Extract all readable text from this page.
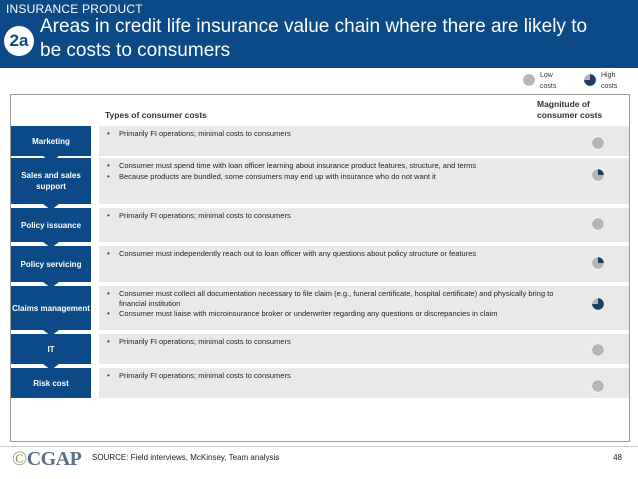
INSURANCE PRODUCT
2a
Areas in credit life insurance value chain where there are likely to be costs to consumers
Low costs
High costs
Types of consumer costs
Magnitude of consumer costs
Marketing
• Primarily FI operations; minimal costs to consumers
Sales and sales support
• Consumer must spend time with loan officer learning about insurance product features, structure, and terms
• Because products are bundled, some consumers may end up with insurance who do not want it
Policy issuance
• Primarily FI operations; minimal costs to consumers
Policy servicing
• Consumer must independently reach out to loan officer with any questions about policy structure or features
Claims management
• Consumer must collect all documentation necessary to file claim (e.g., funeral certificate, hospital certificate) and physically bring to financial institution
• Consumer must liaise with microinsurance broker or underwriter regarding any questions or discrepancies in claim
IT
• Primarily FI operations; minimal costs to consumers
Risk cost
• Primarily FI operations; minimal costs to consumers
©CGAP SOURCE: Field interviews, McKinsey, Team analysis	48
